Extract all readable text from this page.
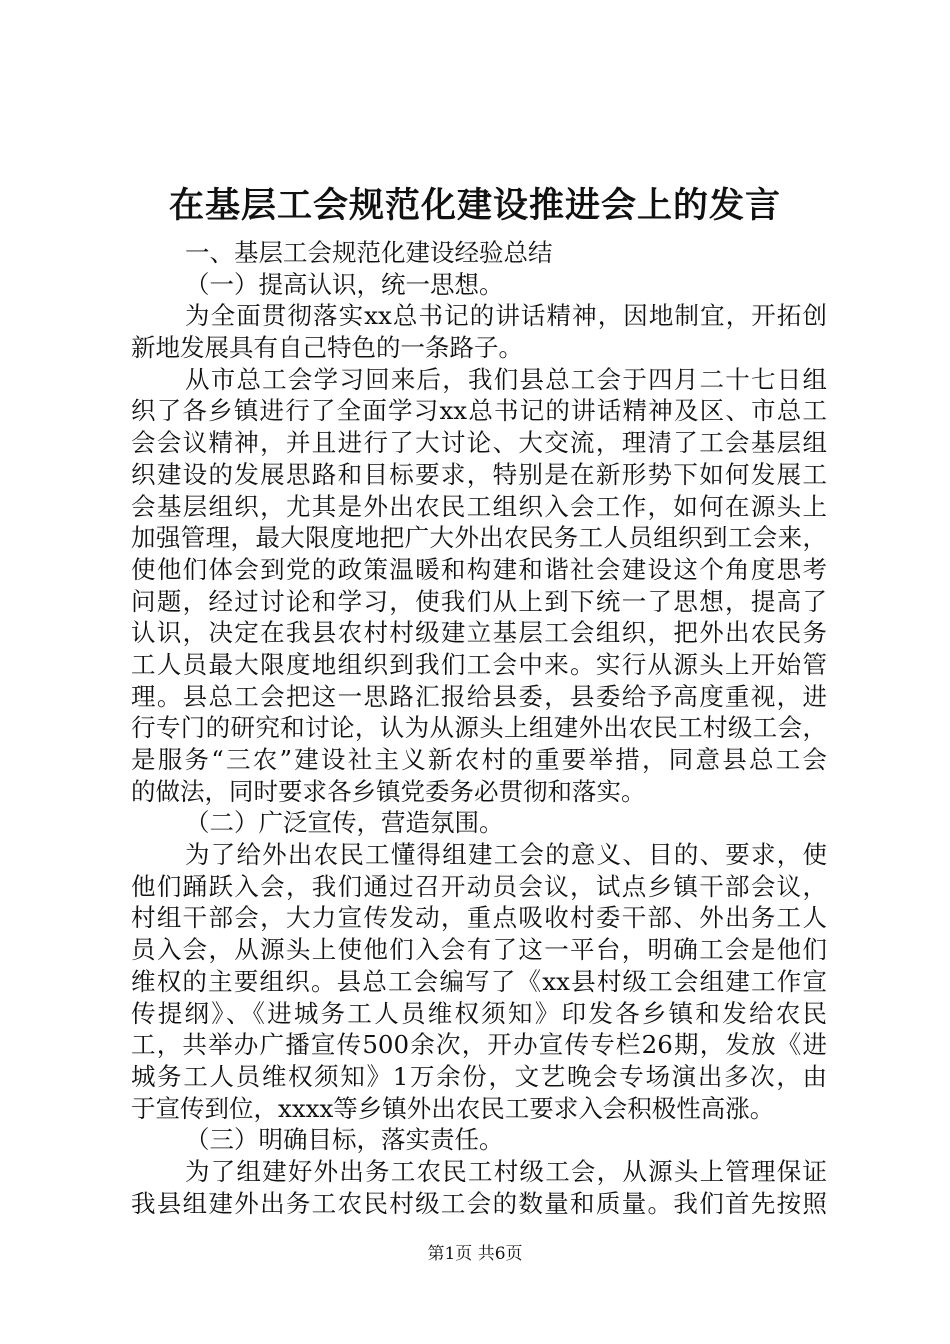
在基层工会规范化建设推进会上的发言
一、基层工会规范化建设经验总结
（一）提高认识，统一思想。
为全面贯彻落实xx总书记的讲话精神，因地制宜，开拓创
新地发展具有自己特色的一条路子。
从市总工会学习回来后，我们县总工会于四月二十七日组
织了各乡镇进行了全面学习xx总书记的讲话精神及区、市总工
会会议精神，并且进行了大讨论、大交流，理清了工会基层组
织建设的发展思路和目标要求，特别是在新形势下如何发展工
会基层组织，尤其是外出农民工组织入会工作，如何在源头上
加强管理，最大限度地把广大外出农民务工人员组织到工会来，
使他们体会到党的政策温暖和构建和谐社会建设这个角度思考
问题，经过讨论和学习，使我们从上到下统一了思想，提高了
认识，决定在我县农村村级建立基层工会组织，把外出农民务
工人员最大限度地组织到我们工会中来。实行从源头上开始管
理。县总工会把这一思路汇报给县委，县委给予高度重视，进
行专门的研究和讨论，认为从源头上组建外出农民工村级工会，
是服务“三农”建设社主义新农村的重要举措，同意县总工会
的做法，同时要求各乡镇党委务必贯彻和落实。
（二）广泛宣传，营造氛围。
为了给外出农民工懂得组建工会的意义、目的、要求，使
他们踊跃入会，我们通过召开动员会议，试点乡镇干部会议，
村组干部会，大力宣传发动，重点吸收村委干部、外出务工人
员入会，从源头上使他们入会有了这一平台，明确工会是他们
维权的主要组织。县总工会编写了《xx县村级工会组建工作宣
传提纲》、《进城务工人员维权须知》印发各乡镇和发给农民
工，共举办广播宣传500余次，开办宣传专栏26期，发放《进
城务工人员维权须知》1万余份，文艺晚会专场演出多次，由
于宣传到位，xxxx等乡镇外出农民工要求入会积极性高涨。
（三）明确目标，落实责任。
为了组建好外出务工农民工村级工会，从源头上管理保证
我县组建外出务工农民村级工会的数量和质量。我们首先按照
第1页 共6页
